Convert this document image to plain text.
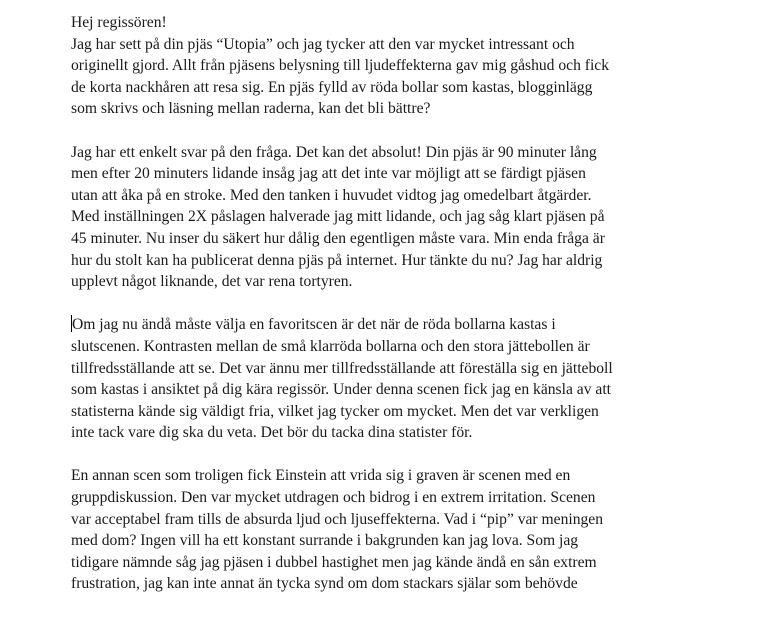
Hej regissören!
Jag har sett på din pjäs “Utopia” och jag tycker att den var mycket intressant och
originellt gjord. Allt från pjäsens belysning till ljudeffekterna gav mig gåshud och fick
de korta nackhåren att resa sig. En pjäs fylld av röda bollar som kastas, blogginlägg
som skrivs och läsning mellan raderna, kan det bli bättre?
Jag har ett enkelt svar på den fråga. Det kan det absolut! Din pjäs är 90 minuter lång
men efter 20 minuters lidande insåg jag att det inte var möjligt att se färdigt pjäsen
utan att åka på en stroke. Med den tanken i huvudet vidtog jag omedelbart åtgärder.
Med inställningen 2X påslagen halverade jag mitt lidande, och jag såg klart pjäsen på
45 minuter. Nu inser du säkert hur dålig den egentligen måste vara. Min enda fråga är
hur du stolt kan ha publicerat denna pjäs på internet. Hur tänkte du nu? Jag har aldrig
upplevt något liknande, det var rena tortyren.
Om jag nu ändå måste välja en favoritscen är det när de röda bollarna kastas i
slutscenen. Kontrasten mellan de små klarröda bollarna och den stora jättebollen är
tillfredsställande att se. Det var ännu mer tillfredsställande att föreställa sig en jätteboll
som kastas i ansiktet på dig kära regissör. Under denna scenen fick jag en känsla av att
statisterna kände sig väldigt fria, vilket jag tycker om mycket. Men det var verkligen
inte tack vare dig ska du veta. Det bör du tacka dina statister för.
En annan scen som troligen fick Einstein att vrida sig i graven är scenen med en
gruppdiskussion. Den var mycket utdragen och bidrog i en extrem irritation. Scenen
var acceptabel fram tills de absurda ljud och ljuseffekterna. Vad i “pip” var meningen
med dom? Ingen vill ha ett konstant surrande i bakgrunden kan jag lova. Som jag
tidigare nämnde såg jag pjäsen i dubbel hastighet men jag kände ändå en sån extrem
frustration, jag kan inte annat än tycka synd om dom stackars själar som behövde
